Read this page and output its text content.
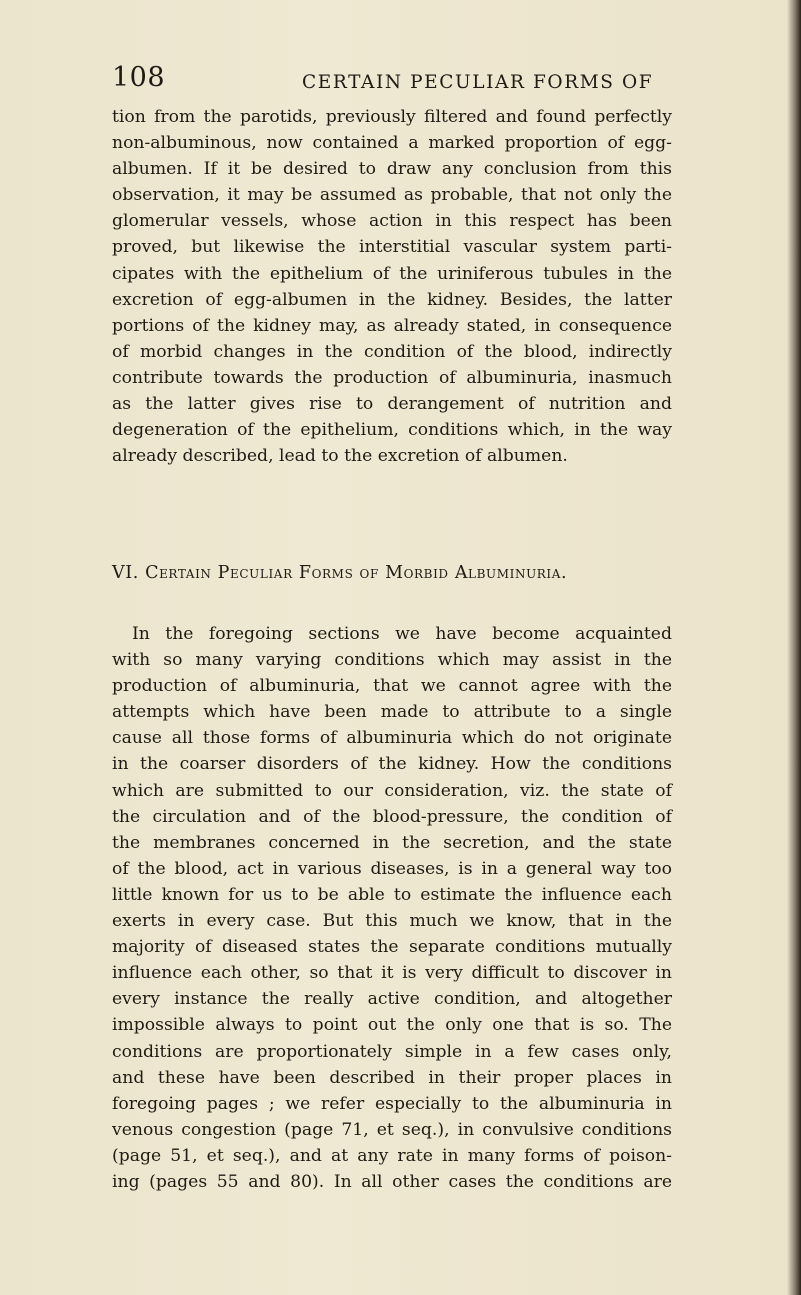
108	CERTAIN PECULIAR FORMS OF
tion from the parotids, previously filtered and found perfectly
non-albuminous, now contained a marked proportion of egg-
albumen. If it be desired to draw any conclusion from this
observation, it may be assumed as probable, that not only the
glomerular vessels, whose action in this respect has been
proved, but likewise the interstitial vascular system parti-
cipates with the epithelium of the uriniferous tubules in the
excretion of egg-albumen in the kidney. Besides, the latter
portions of the kidney may, as already stated, in consequence
of morbid changes in the condition of the blood, indirectly
contribute towards the production of albuminuria, inasmuch
as the latter gives rise to derangement of nutrition and
degeneration of the epithelium, conditions which, in the way
already described, lead to the excretion of albumen.
VI. Certain Peculiar Forms of Morbid Albuminuria.
In the foregoing sections we have become acquainted
with so many varying conditions which may assist in the
production of albuminuria, that we cannot agree with the
attempts which have been made to attribute to a single
cause all those forms of albuminuria which do not originate
in the coarser disorders of the kidney. How the conditions
which are submitted to our consideration, viz. the state of
the circulation and of the blood-pressure, the condition of
the membranes concerned in the secretion, and the state
of the blood, act in various diseases, is in a general way too
little known for us to be able to estimate the influence each
exerts in every case. But this much we know, that in the
majority of diseased states the separate conditions mutually
influence each other, so that it is very difficult to discover in
every instance the really active condition, and altogether
impossible always to point out the only one that is so. The
conditions are proportionately simple in a few cases only,
and these have been described in their proper places in
foregoing pages ; we refer especially to the albuminuria in
venous congestion (page 71, et seq.), in convulsive conditions
(page 51, et seq.), and at any rate in many forms of poison-
ing (pages 55 and 80). In all other cases the conditions are
